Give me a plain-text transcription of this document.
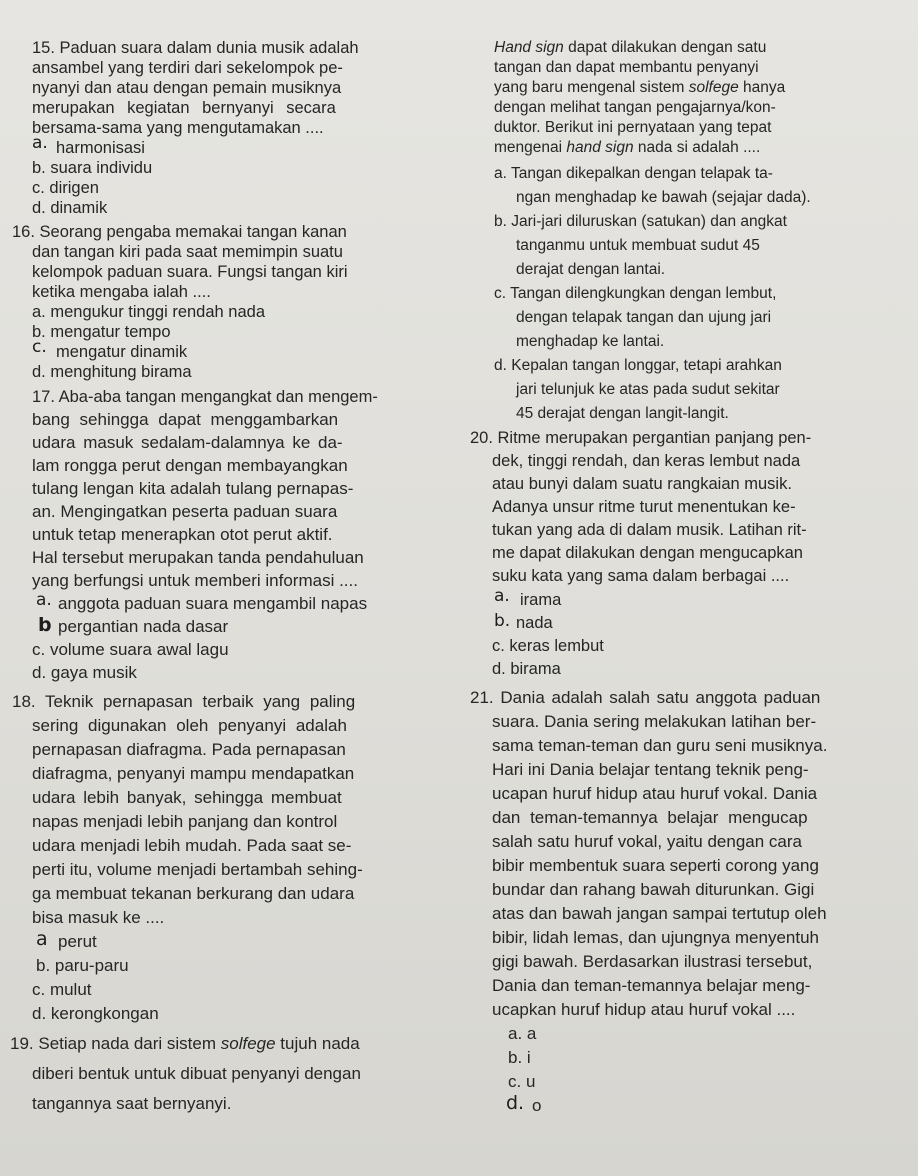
15. Paduan suara dalam dunia musik adalah
ansambel yang terdiri dari sekelompok pe-
nyanyi dan atau dengan pemain musiknya
merupakan kegiatan bernyanyi secara
bersama-sama yang mengutamakan ....
a. harmonisasi
b. suara individu
c. dirigen
d. dinamik
16. Seorang pengaba memakai tangan kanan
dan tangan kiri pada saat memimpin suatu
kelompok paduan suara. Fungsi tangan kiri
ketika mengaba ialah ....
a. mengukur tinggi rendah nada
b. mengatur tempo
c. mengatur dinamik
d. menghitung birama
17. Aba-aba tangan mengangkat dan mengem-
bang sehingga dapat menggambarkan
udara masuk sedalam-dalamnya ke da-
lam rongga perut dengan membayangkan
tulang lengan kita adalah tulang pernapas-
an. Mengingatkan peserta paduan suara
untuk tetap menerapkan otot perut aktif.
Hal tersebut merupakan tanda pendahuluan
yang berfungsi untuk memberi informasi ....
a. anggota paduan suara mengambil napas
b pergantian nada dasar
c. volume suara awal lagu
d. gaya musik
18. Teknik pernapasan terbaik yang paling
sering digunakan oleh penyanyi adalah
pernapasan diafragma. Pada pernapasan
diafragma, penyanyi mampu mendapatkan
udara lebih banyak, sehingga membuat
napas menjadi lebih panjang dan kontrol
udara menjadi lebih mudah. Pada saat se-
perti itu, volume menjadi bertambah sehing-
ga membuat tekanan berkurang dan udara
bisa masuk ke ....
a perut
b. paru-paru
c. mulut
d. kerongkongan
19. Setiap nada dari sistem solfege tujuh nada
diberi bentuk untuk dibuat penyanyi dengan
tangannya saat bernyanyi.
Hand sign dapat dilakukan dengan satu
tangan dan dapat membantu penyanyi
yang baru mengenal sistem solfege hanya
dengan melihat tangan pengajarnya/kon-
duktor. Berikut ini pernyataan yang tepat
mengenai hand sign nada si adalah ....
a. Tangan dikepalkan dengan telapak ta-
ngan menghadap ke bawah (sejajar dada).
b. Jari-jari diluruskan (satukan) dan angkat
tanganmu untuk membuat sudut 45
derajat dengan lantai.
c. Tangan dilengkungkan dengan lembut,
dengan telapak tangan dan ujung jari
menghadap ke lantai.
d. Kepalan tangan longgar, tetapi arahkan
jari telunjuk ke atas pada sudut sekitar
45 derajat dengan langit-langit.
20. Ritme merupakan pergantian panjang pen-
dek, tinggi rendah, dan keras lembut nada
atau bunyi dalam suatu rangkaian musik.
Adanya unsur ritme turut menentukan ke-
tukan yang ada di dalam musik. Latihan rit-
me dapat dilakukan dengan mengucapkan
suku kata yang sama dalam berbagai ....
a. irama
b. nada
c. keras lembut
d. birama
21. Dania adalah salah satu anggota paduan
suara. Dania sering melakukan latihan ber-
sama teman-teman dan guru seni musiknya.
Hari ini Dania belajar tentang teknik peng-
ucapan huruf hidup atau huruf vokal. Dania
dan teman-temannya belajar mengucap
salah satu huruf vokal, yaitu dengan cara
bibir membentuk suara seperti corong yang
bundar dan rahang bawah diturunkan. Gigi
atas dan bawah jangan sampai tertutup oleh
bibir, lidah lemas, dan ujungnya menyentuh
gigi bawah. Berdasarkan ilustrasi tersebut,
Dania dan teman-temannya belajar meng-
ucapkan huruf hidup atau huruf vokal ....
a. a
b. i
c. u
d. o
